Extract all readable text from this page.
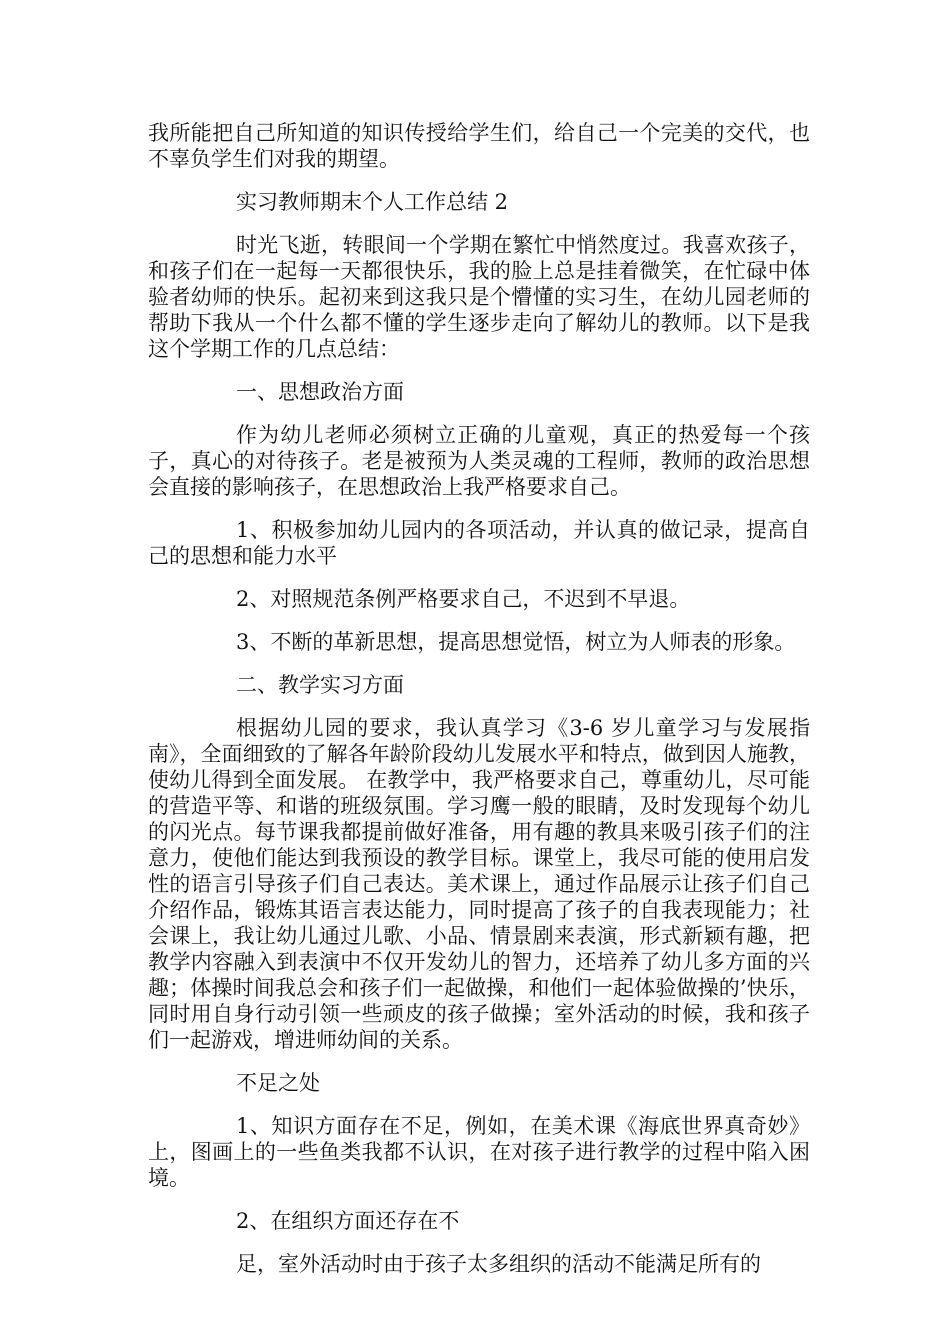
我所能把自己所知道的知识传授给学生们，给自己一个完美的交代，也不辜负学生们对我的期望。

实习教师期末个人工作总结 2

时光飞逝，转眼间一个学期在繁忙中悄然度过。我喜欢孩子，和孩子们在一起每一天都很快乐，我的脸上总是挂着微笑，在忙碌中体验者幼师的快乐。起初来到这我只是个懵懂的实习生，在幼儿园老师的帮助下我从一个什么都不懂的学生逐步走向了解幼儿的教师。以下是我这个学期工作的几点总结：

一、思想政治方面

作为幼儿老师必须树立正确的儿童观，真正的热爱每一个孩子，真心的对待孩子。老是被预为人类灵魂的工程师，教师的政治思想会直接的影响孩子，在思想政治上我严格要求自己。

1、积极参加幼儿园内的各项活动，并认真的做记录，提高自己的思想和能力水平

2、对照规范条例严格要求自己，不迟到不早退。

3、不断的革新思想，提高思想觉悟，树立为人师表的形象。

二、教学实习方面

根据幼儿园的要求，我认真学习《3-6 岁儿童学习与发展指南》，全面细致的了解各年龄阶段幼儿发展水平和特点，做到因人施教，使幼儿得到全面发展。 在教学中，我严格要求自己，尊重幼儿，尽可能的营造平等、和谐的班级氛围。学习鹰一般的眼睛，及时发现每个幼儿的闪光点。每节课我都提前做好准备，用有趣的教具来吸引孩子们的注意力，使他们能达到我预设的教学目标。课堂上，我尽可能的使用启发性的语言引导孩子们自己表达。美术课上，通过作品展示让孩子们自己介绍作品，锻炼其语言表达能力，同时提高了孩子的自我表现能力；社会课上，我让幼儿通过儿歌、小品、情景剧来表演，形式新颖有趣，把教学内容融入到表演中不仅开发幼儿的智力，还培养了幼儿多方面的兴趣；体操时间我总会和孩子们一起做操，和他们一起体验做操的’快乐，同时用自身行动引领一些顽皮的孩子做操；室外活动的时候，我和孩子们一起游戏，增进师幼间的关系。

不足之处

1、知识方面存在不足，例如，在美术课《海底世界真奇妙》上，图画上的一些鱼类我都不认识，在对孩子进行教学的过程中陷入困境。

2、在组织方面还存在不

足，室外活动时由于孩子太多组织的活动不能满足所有的
